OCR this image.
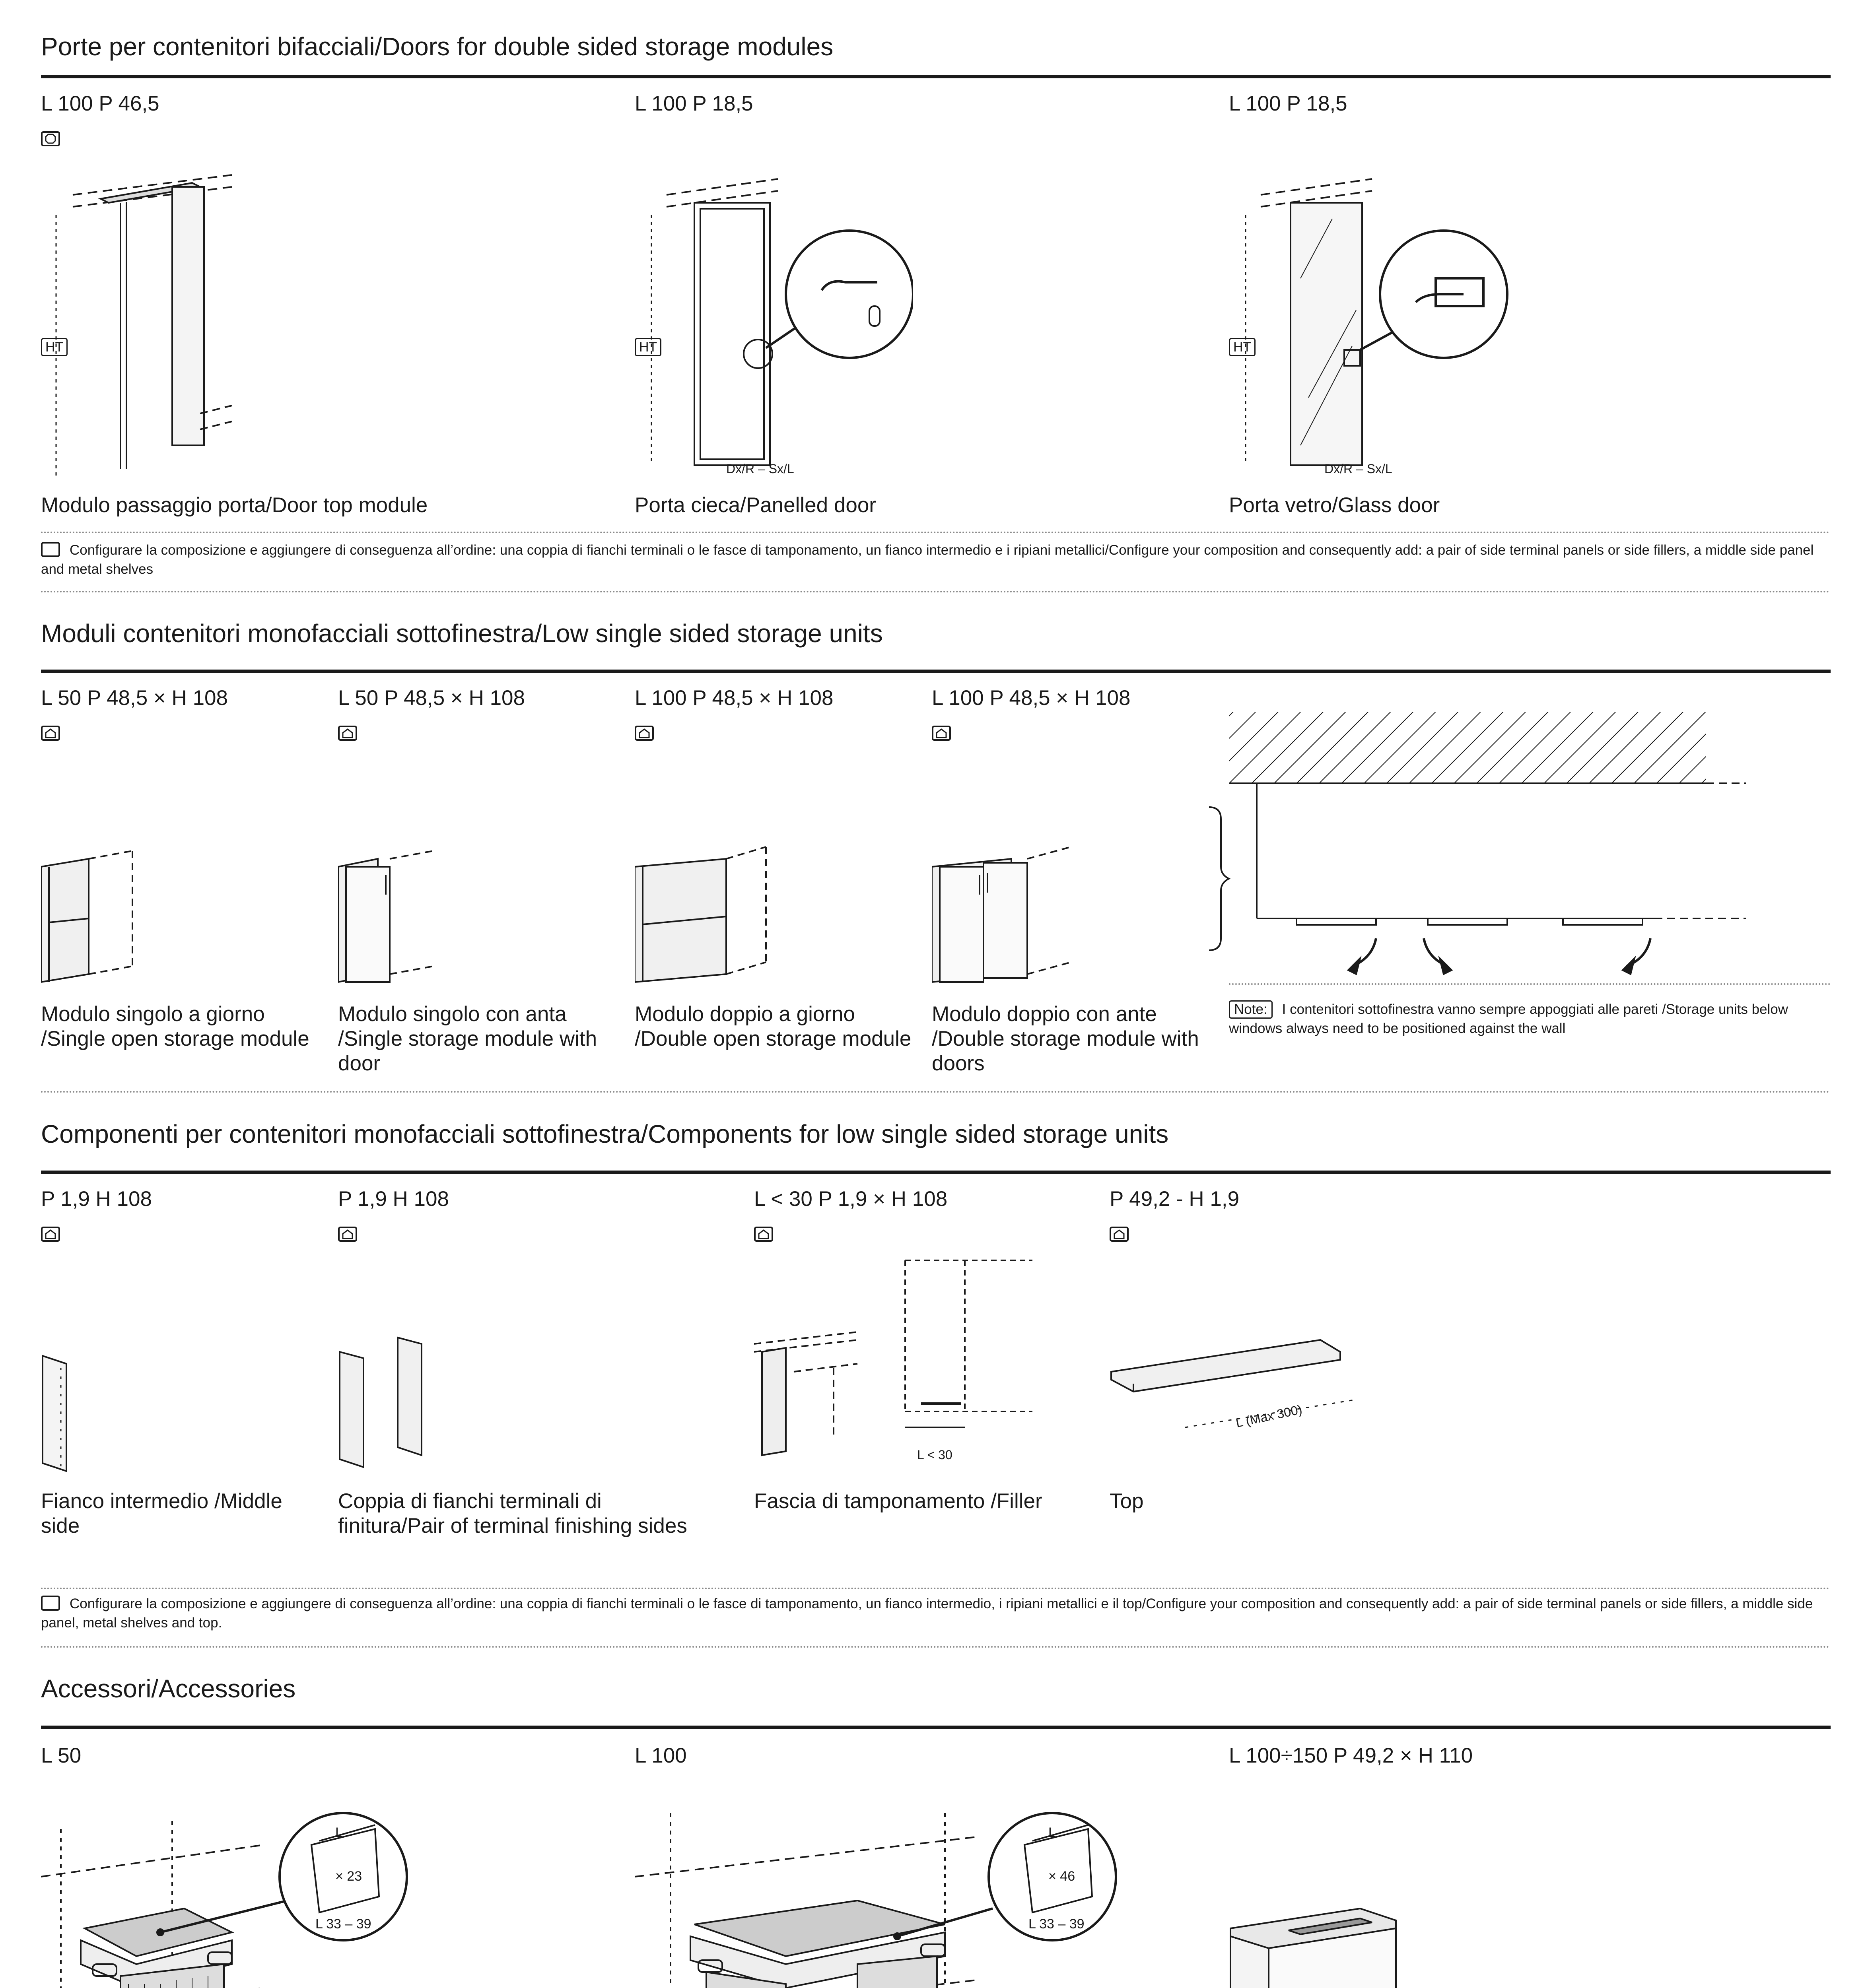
Porte per contenitori bifacciali/Doors for double sided storage modules
L 100 P 46,5	L 100 P 18,5	L 100 P 18,5
HT
Dx/R – Sx/L
HT
Dx/R – Sx/L
HT
Modulo passaggio porta/Door top module	Porta cieca/Panelled door	Porta vetro/Glass door
Configurare la composizione e aggiungere di conseguenza all’ordine: una coppia di fianchi terminali o le fasce di tamponamento, un fianco intermedio e i ripiani metallici/Configure your composition and consequently add: a pair of side terminal panels or side fillers, a middle side panel and metal shelves
Moduli contenitori monofacciali sottofinestra/Low single sided storage units
L 50 P 48,5 × H 108	L 50 P 48,5 × H 108	L 100 P 48,5 × H 108	L 100 P 48,5 × H 108
Modulo singolo a giorno /Single open storage module
Modulo singolo con anta /Single storage module with door
Modulo doppio a giorno /Double open storage module
Modulo doppio con ante /Double storage module with doors
Note: I contenitori sottofinestra vanno sempre appoggiati alle pareti /Storage units below windows always need to be positioned against the wall
Componenti per contenitori monofacciali sottofinestra/Components for low single sided storage units
P 1,9 H 108	P 1,9 H 108	L < 30 P 1,9 × H 108	P 49,2 - H 1,9
L < 30
L (Max 300)
Fianco intermedio /Middle side
Coppia di fianchi terminali di finitura/Pair of terminal finishing sides
Fascia di tamponamento /Filler	Top
Configurare la composizione e aggiungere di conseguenza all’ordine: una coppia di fianchi terminali o le fasce di tamponamento, un fianco intermedio, i ripiani metallici e il top/Configure your composition and consequently add: a pair of side terminal panels or side fillers, a middle side panel, metal shelves and top.
Accessori/Accessories
L 50	L 100	L 100÷150 P 49,2 × H 110
L
× 23
L 33 – 39
L
× 46
L 33 – 39
